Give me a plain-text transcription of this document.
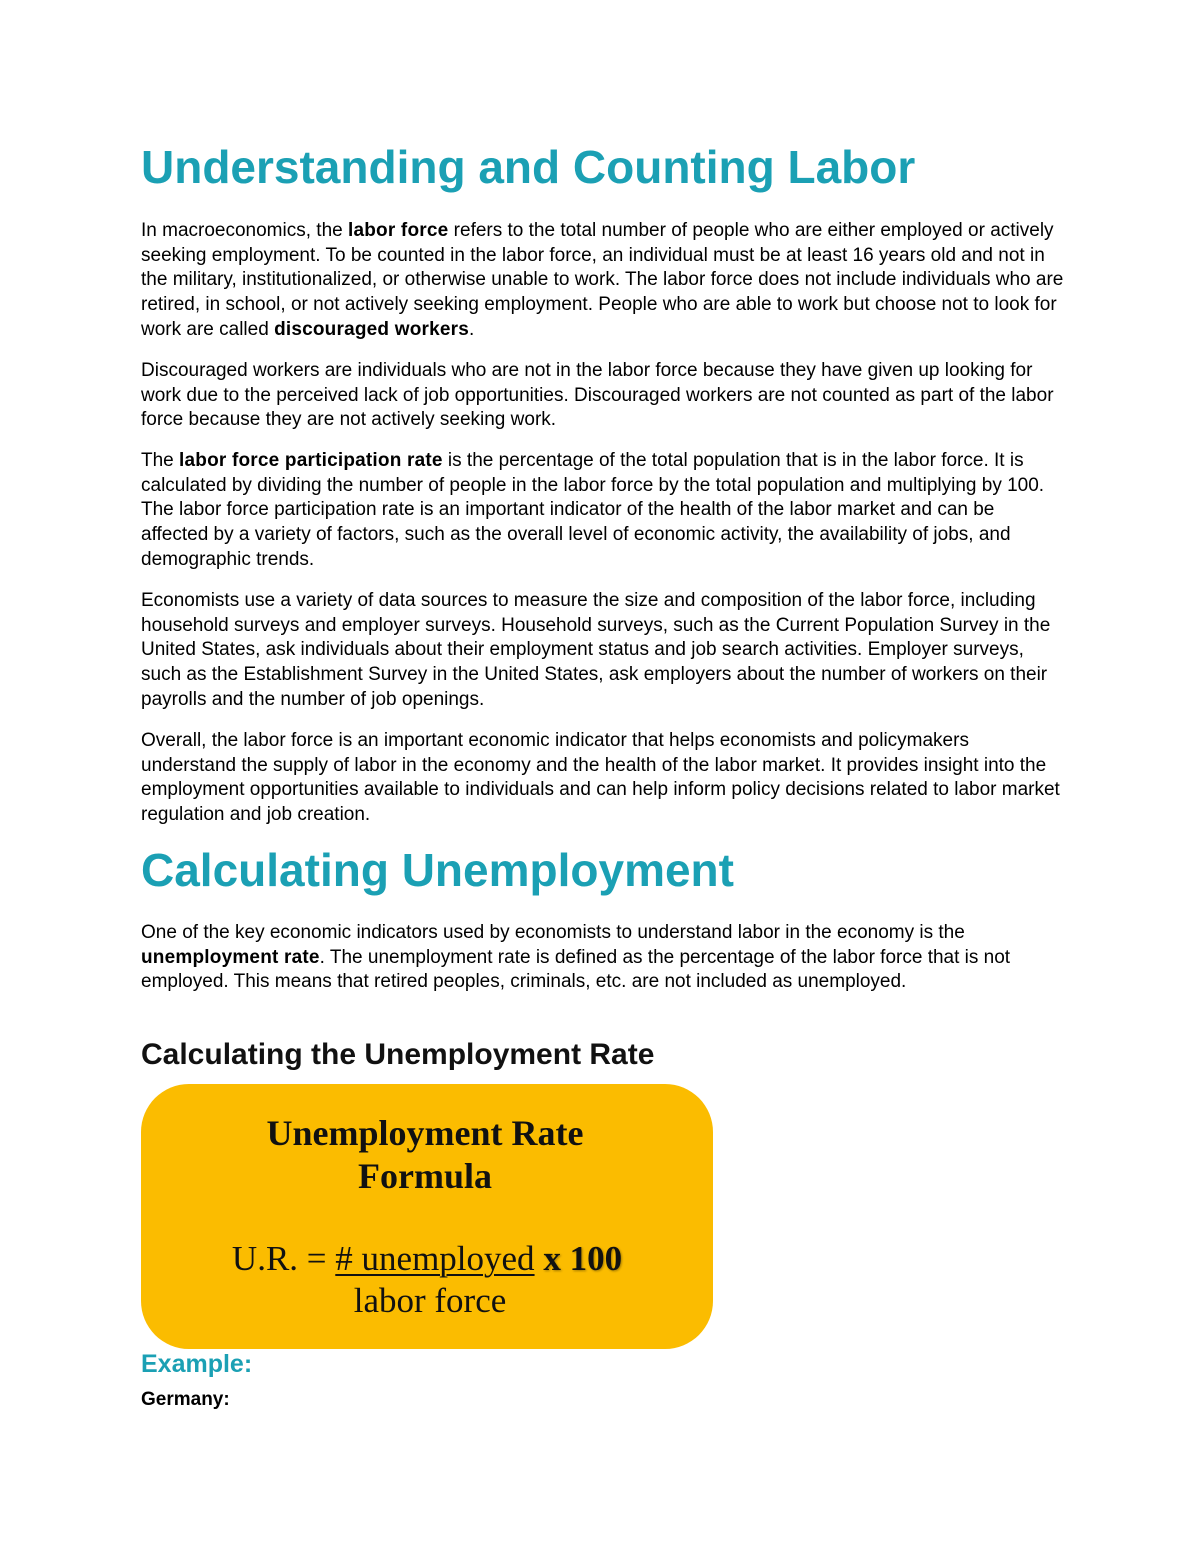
Understanding and Counting Labor

In macroeconomics, the labor force refers to the total number of people who are either employed or actively seeking employment. To be counted in the labor force, an individual must be at least 16 years old and not in the military, institutionalized, or otherwise unable to work. The labor force does not include individuals who are retired, in school, or not actively seeking employment. People who are able to work but choose not to look for work are called discouraged workers.

Discouraged workers are individuals who are not in the labor force because they have given up looking for work due to the perceived lack of job opportunities. Discouraged workers are not counted as part of the labor force because they are not actively seeking work.

The labor force participation rate is the percentage of the total population that is in the labor force. It is calculated by dividing the number of people in the labor force by the total population and multiplying by 100. The labor force participation rate is an important indicator of the health of the labor market and can be affected by a variety of factors, such as the overall level of economic activity, the availability of jobs, and demographic trends.

Economists use a variety of data sources to measure the size and composition of the labor force, including household surveys and employer surveys. Household surveys, such as the Current Population Survey in the United States, ask individuals about their employment status and job search activities. Employer surveys, such as the Establishment Survey in the United States, ask employers about the number of workers on their payrolls and the number of job openings.

Overall, the labor force is an important economic indicator that helps economists and policymakers understand the supply of labor in the economy and the health of the labor market. It provides insight into the employment opportunities available to individuals and can help inform policy decisions related to labor market regulation and job creation.

Calculating Unemployment

One of the key economic indicators used by economists to understand labor in the economy is the unemployment rate. The unemployment rate is defined as the percentage of the labor force that is not employed. This means that retired peoples, criminals, etc. are not included as unemployed.

Calculating the Unemployment Rate
Unemployment Rate
Formula
U.R. = # unemployed x 100
labor force
Example:
Germany:
